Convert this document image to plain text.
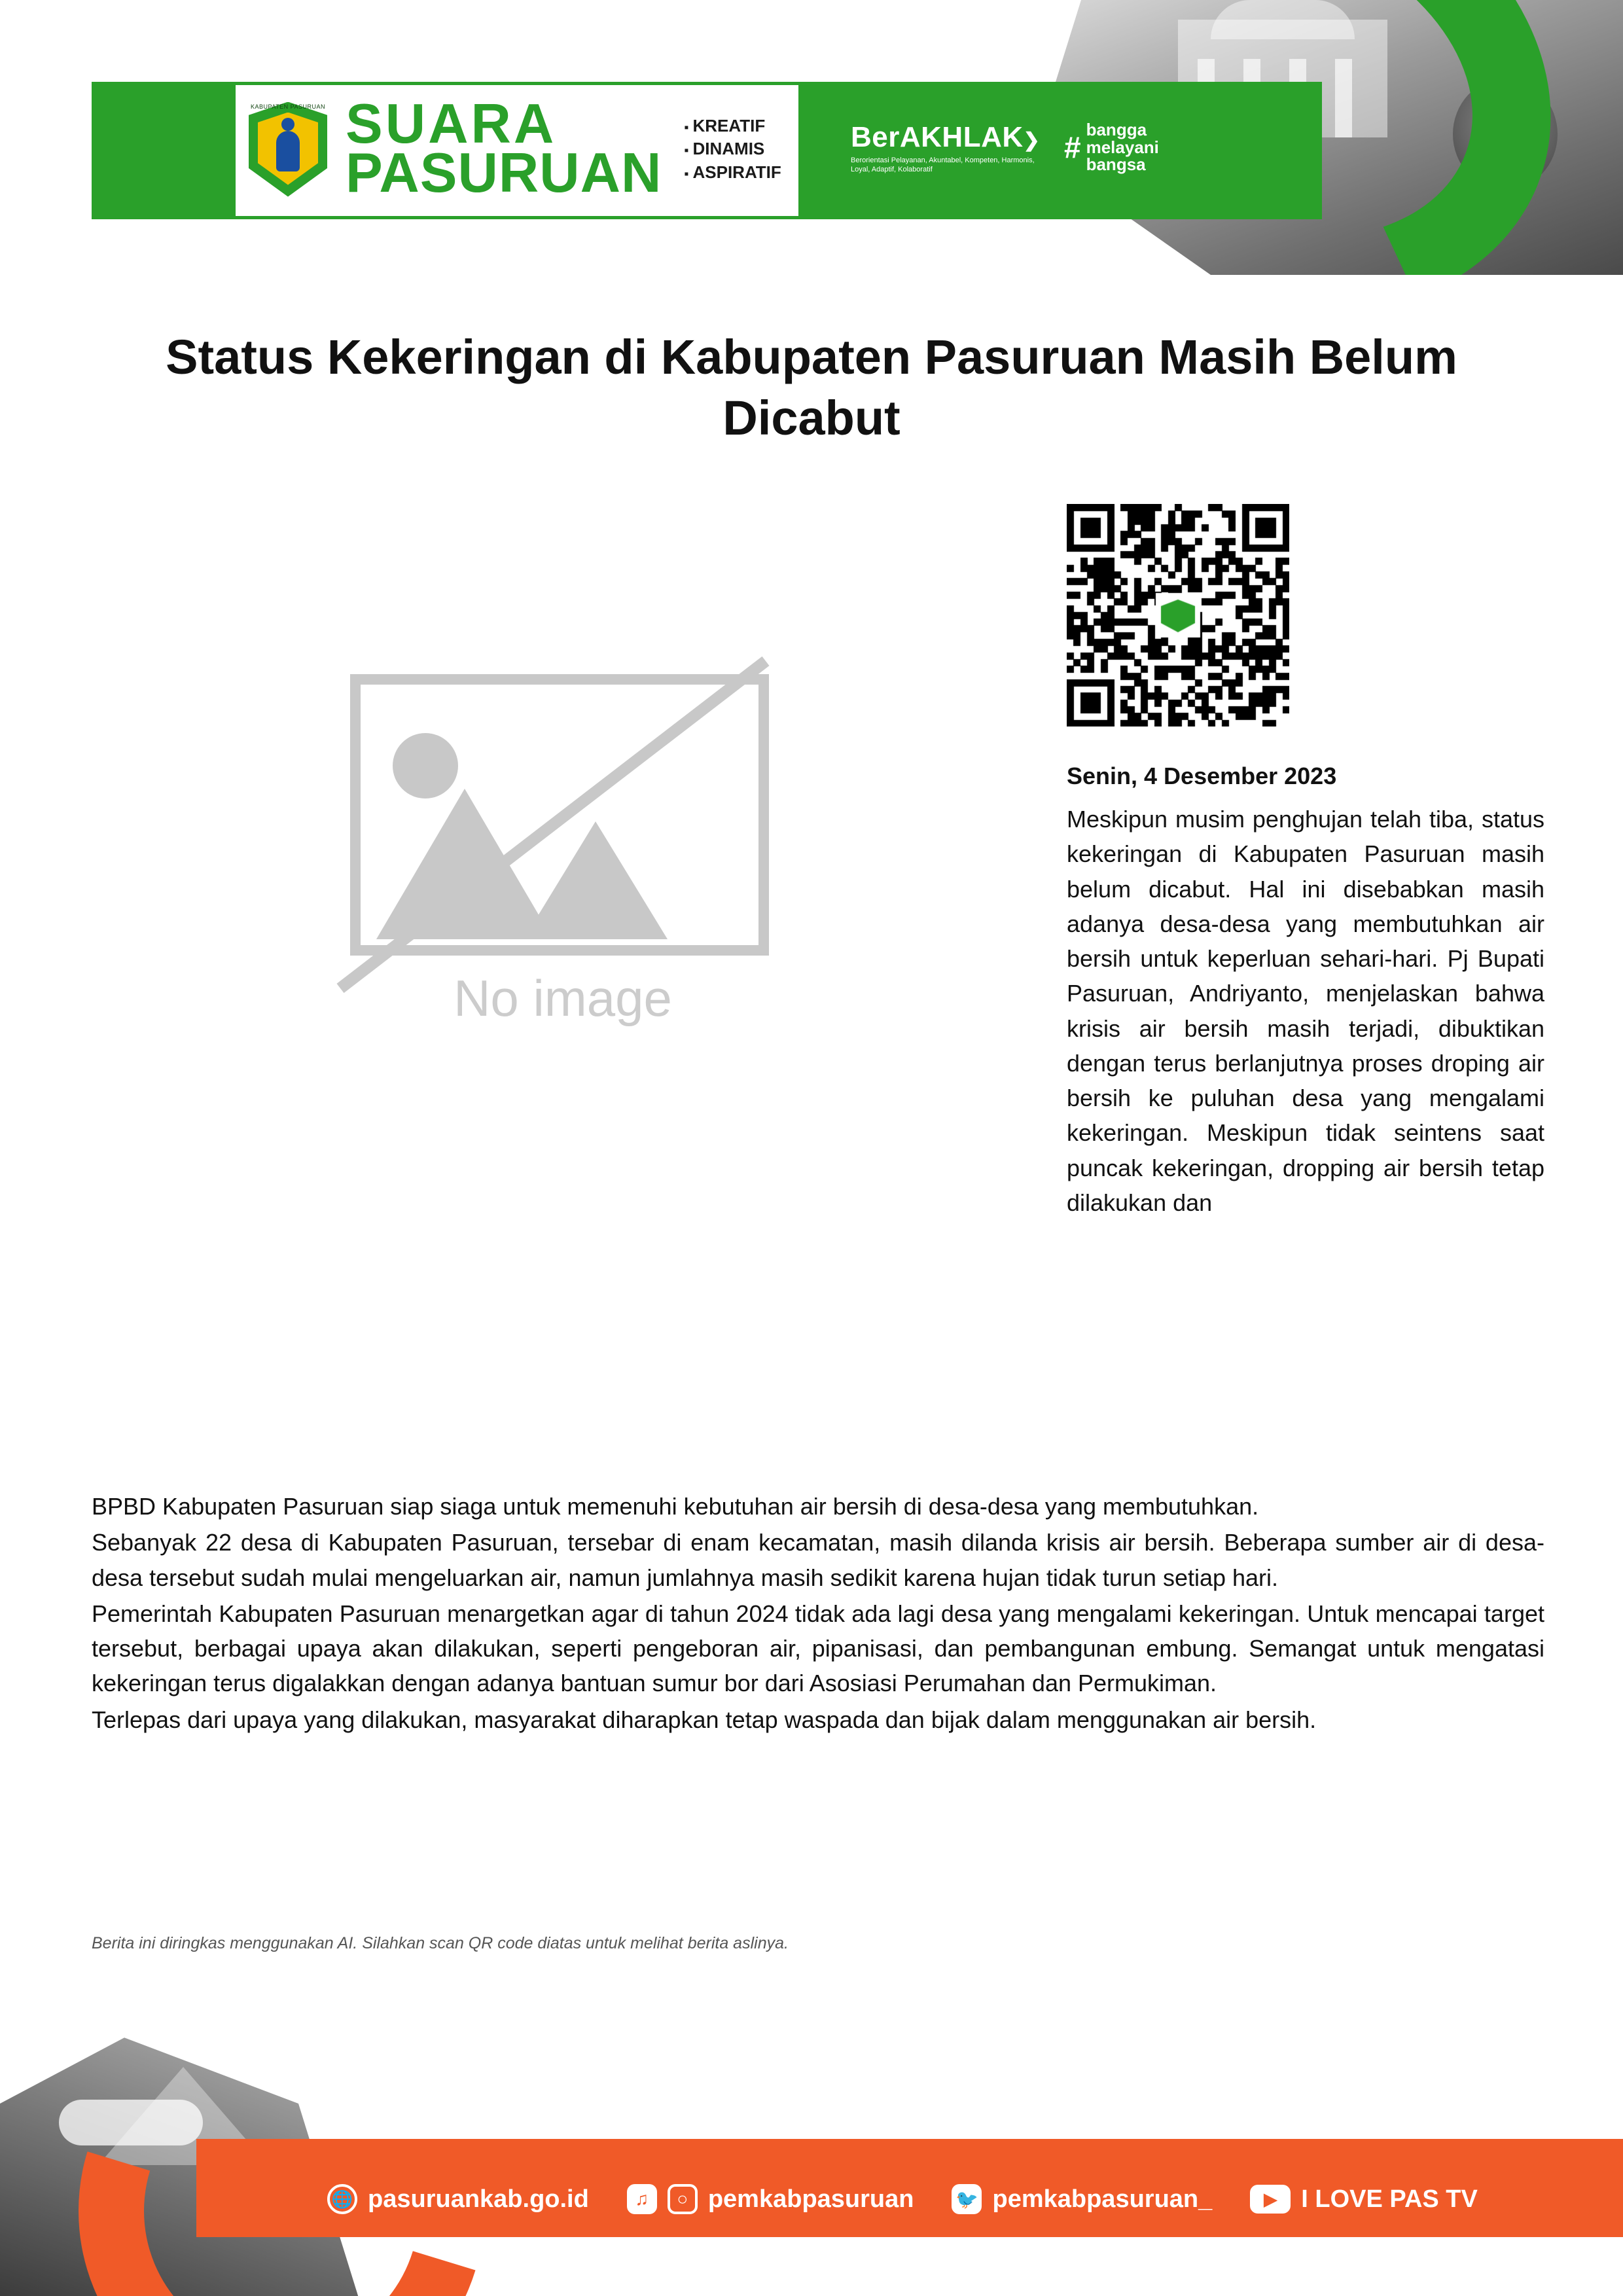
KABUPATEN PASURUAN SUARA
PASURUAN
▪ KREATIF
▪ DINAMIS
▪ ASPIRATIF
BerAKHLAK❯
Berorientasi Pelayanan, Akuntabel, Kompeten, Harmonis, Loyal, Adaptif, Kolaboratif
#
bangga
melayani
bangsa
Status Kekeringan di Kabupaten Pasuruan Masih Belum Dicabut
No image
Senin, 4 Desember 2023
Meskipun musim penghujan telah tiba, status kekeringan di Kabupaten Pasuruan masih belum dicabut. Hal ini disebabkan masih adanya desa-desa yang membutuhkan air bersih untuk keperluan sehari-hari. Pj Bupati Pasuruan, Andriyanto, menjelaskan bahwa krisis air bersih masih terjadi, dibuktikan dengan terus berlanjutnya proses droping air bersih ke puluhan desa yang mengalami kekeringan. Meskipun tidak seintens saat puncak kekeringan, dropping air bersih tetap dilakukan dan

BPBD Kabupaten Pasuruan siap siaga untuk memenuhi kebutuhan air bersih di desa-desa yang membutuhkan.

Sebanyak 22 desa di Kabupaten Pasuruan, tersebar di enam kecamatan, masih dilanda krisis air bersih. Beberapa sumber air di desa-desa tersebut sudah mulai mengeluarkan air, namun jumlahnya masih sedikit karena hujan tidak turun setiap hari.

Pemerintah Kabupaten Pasuruan menargetkan agar di tahun 2024 tidak ada lagi desa yang mengalami kekeringan. Untuk mencapai target tersebut, berbagai upaya akan dilakukan, seperti pengeboran air, pipanisasi, dan pembangunan embung. Semangat untuk mengatasi kekeringan terus digalakkan dengan adanya bantuan sumur bor dari Asosiasi Perumahan dan Permukiman.

Terlepas dari upaya yang dilakukan, masyarakat diharapkan tetap waspada dan bijak dalam menggunakan air bersih.

Berita ini diringkas menggunakan AI. Silahkan scan QR code diatas untuk melihat berita aslinya.
🌐 pasuruankab.go.id	♫	○ pemkabpasuruan 🐦 pemkabpasuruan_	▶ I LOVE PAS TV
